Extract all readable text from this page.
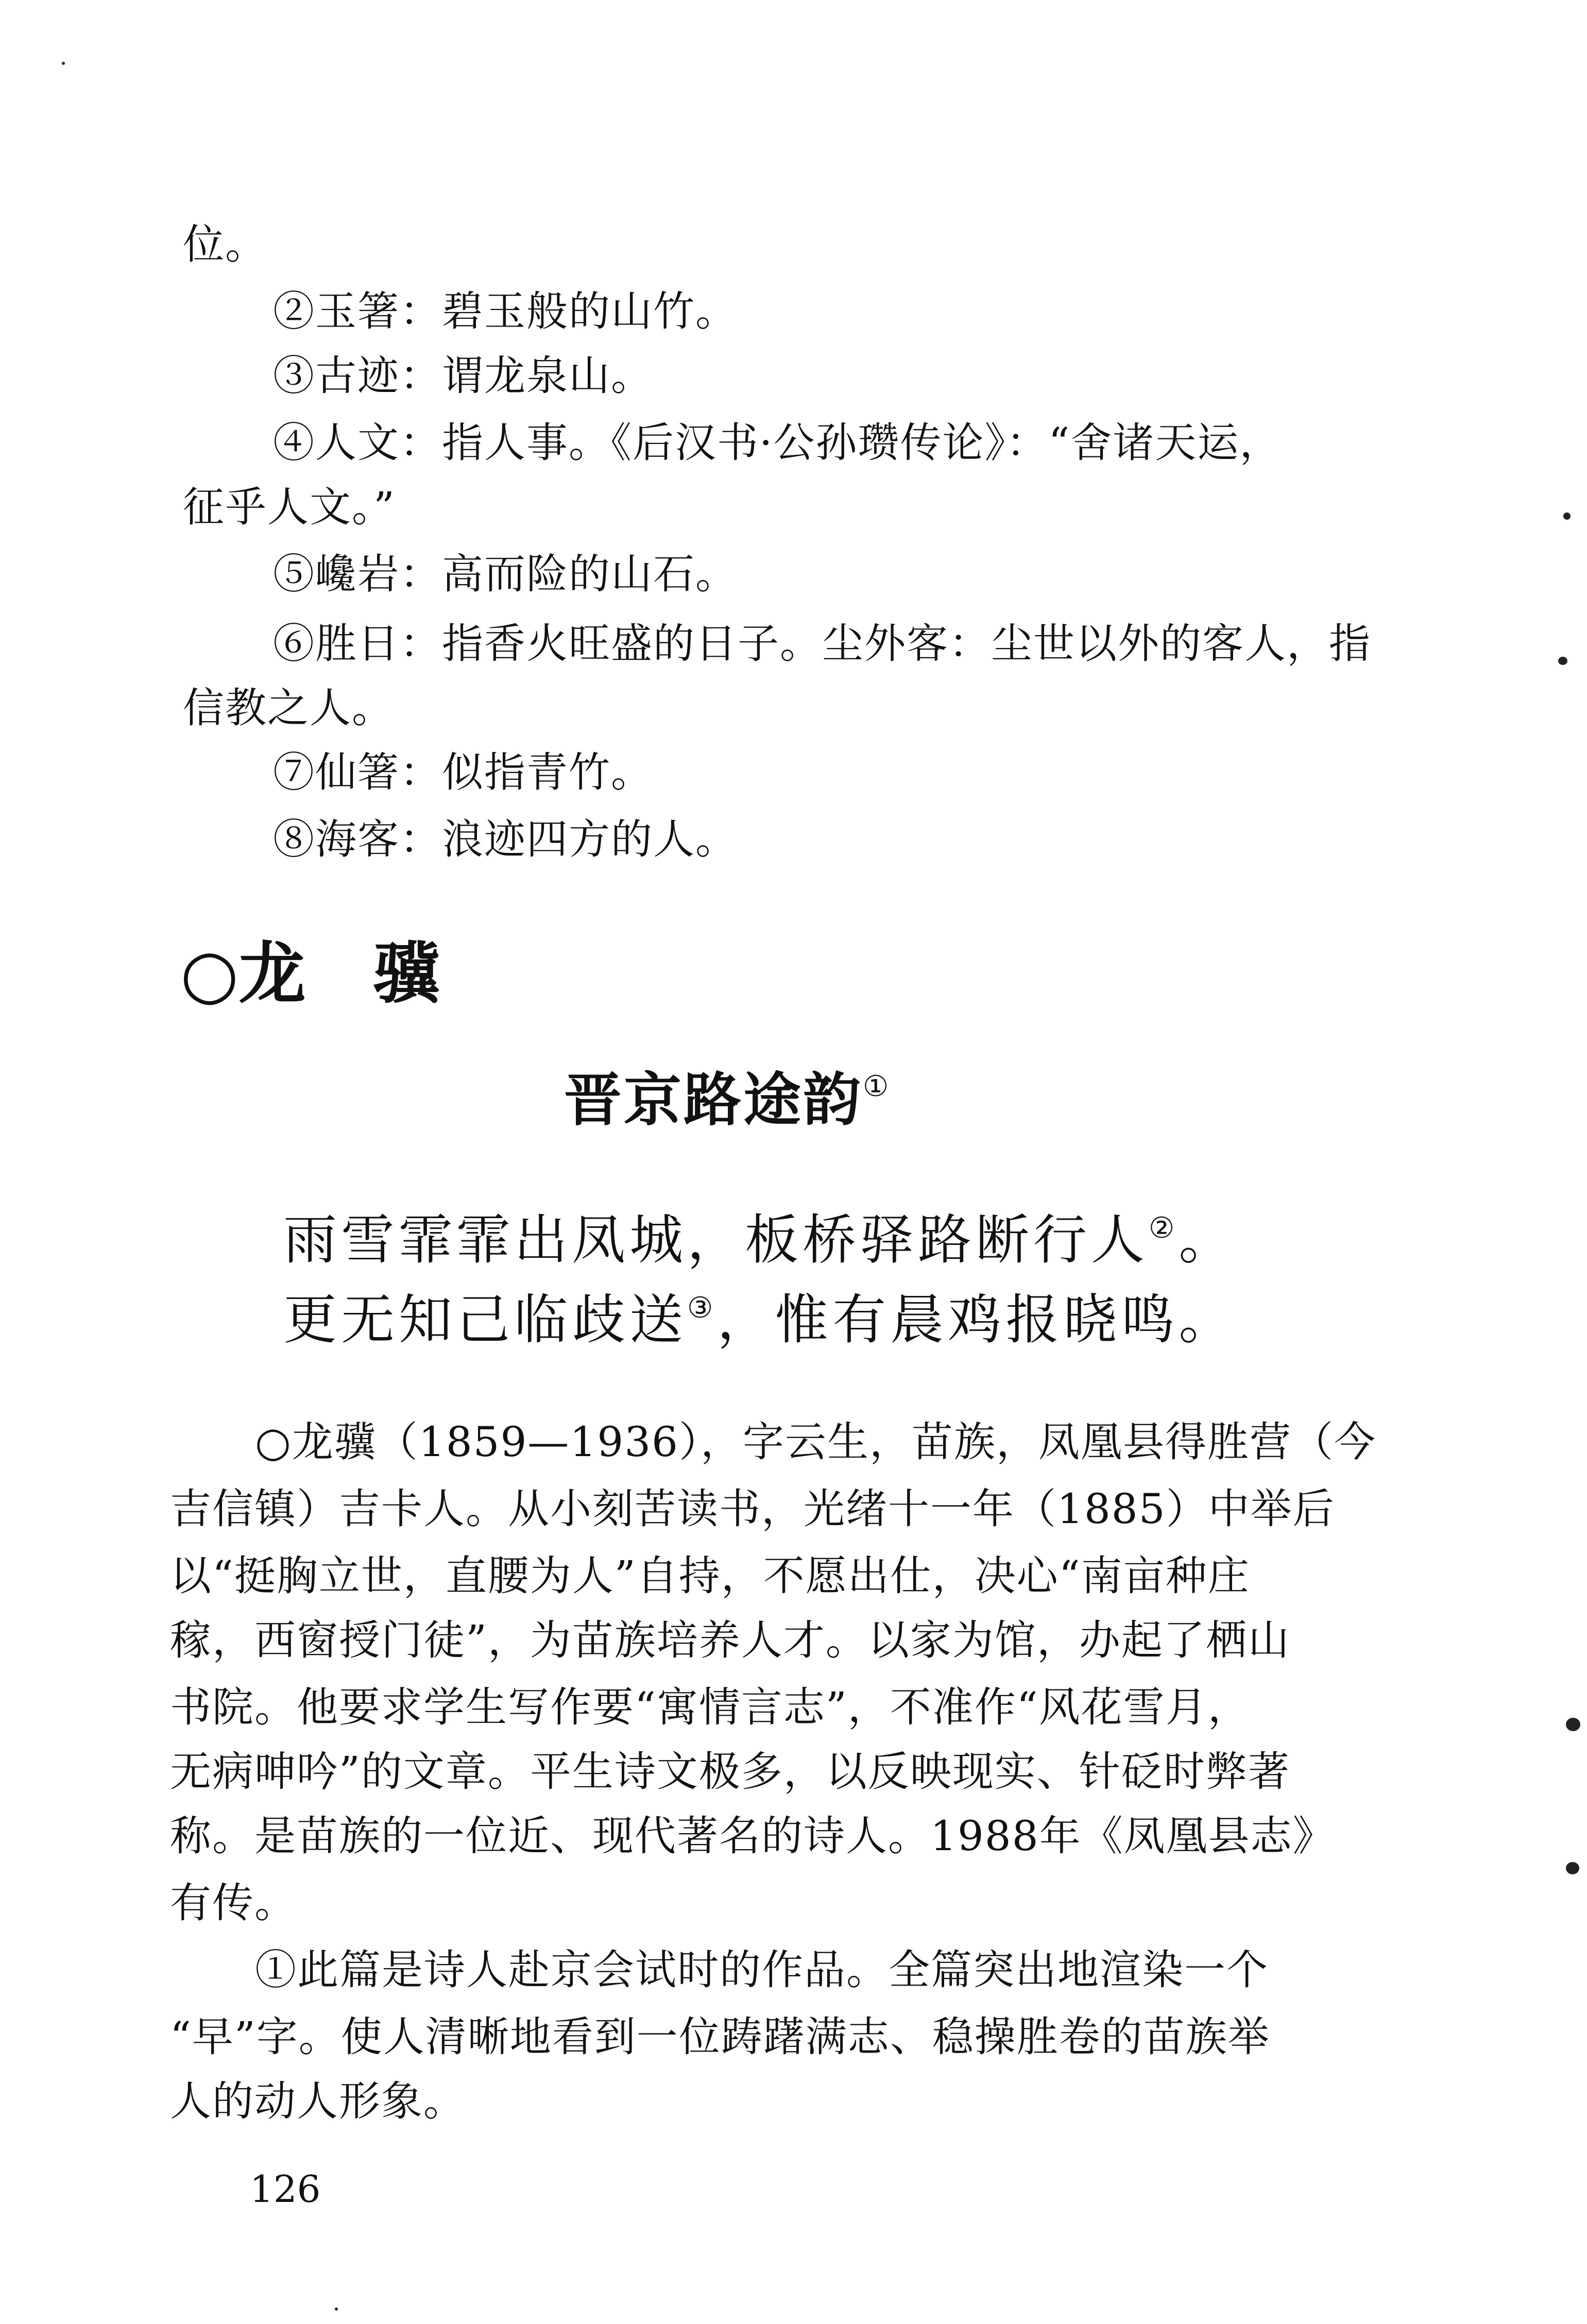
位。
②玉箸：碧玉般的山竹。
③古迹：谓龙泉山。
④人文：指人事。《后汉书·公孙瓒传论》：“舍诸天运，
征乎人文。”
⑤巉岩：高而险的山石。
⑥胜日：指香火旺盛的日子。尘外客：尘世以外的客人，指
信教之人。
⑦仙箸：似指青竹。
⑧海客：浪迹四方的人。
○龙 骥
晋京路途韵①
雨雪霏霏出凤城，板桥驿路断行人②。
更无知己临歧送③，惟有晨鸡报晓鸣。
○龙骥（1859—1936），字云生，苗族，凤凰县得胜营（今
吉信镇）吉卡人。从小刻苦读书，光绪十一年（1885）中举后
以“挺胸立世，直腰为人”自持，不愿出仕，决心“南亩种庄
稼，西窗授门徒”，为苗族培养人才。以家为馆，办起了栖山
书院。他要求学生写作要“寓情言志”，不准作“风花雪月，
无病呻吟”的文章。平生诗文极多，以反映现实、针砭时弊著
称。是苗族的一位近、现代著名的诗人。1988年《凤凰县志》
有传。
①此篇是诗人赴京会试时的作品。全篇突出地渲染一个
“早”字。使人清晰地看到一位踌躇满志、稳操胜卷的苗族举
人的动人形象。
126
